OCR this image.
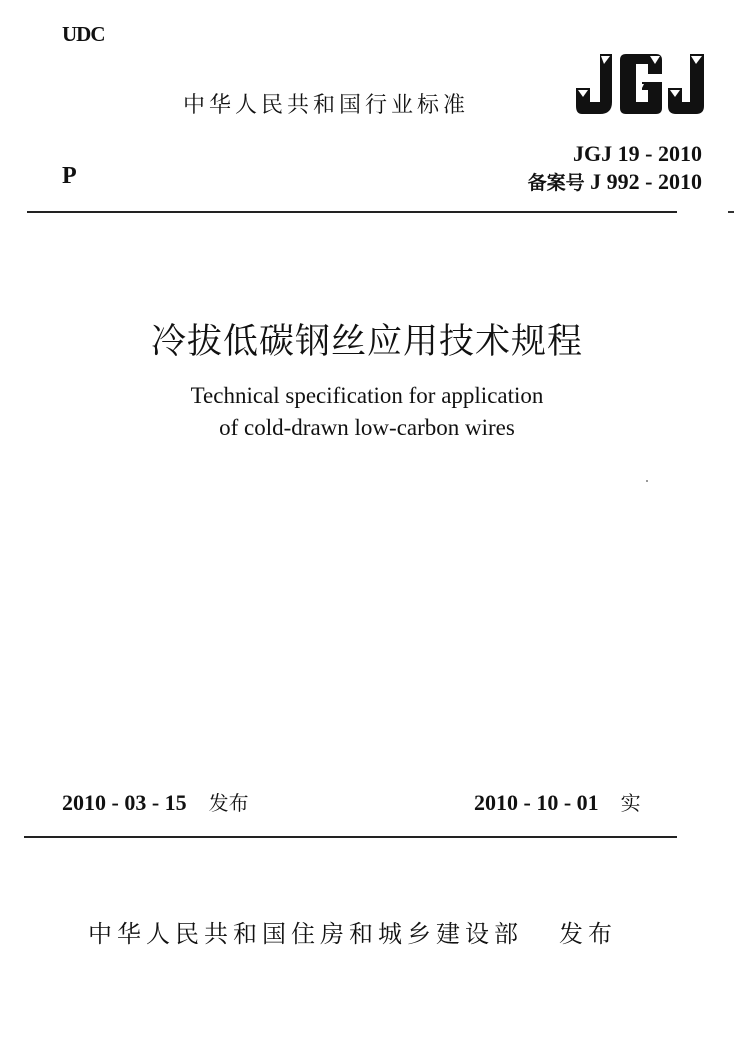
UDC
中华人民共和国行业标准
P
JGJ 19 - 2010
备案号 J 992 - 2010
冷拔低碳钢丝应用技术规程
Technical specification for application
of cold-drawn low-carbon wires
2010 - 03 - 15 发布	2010 - 10 - 01 实
中华人民共和国住房和城乡建设部 发布
